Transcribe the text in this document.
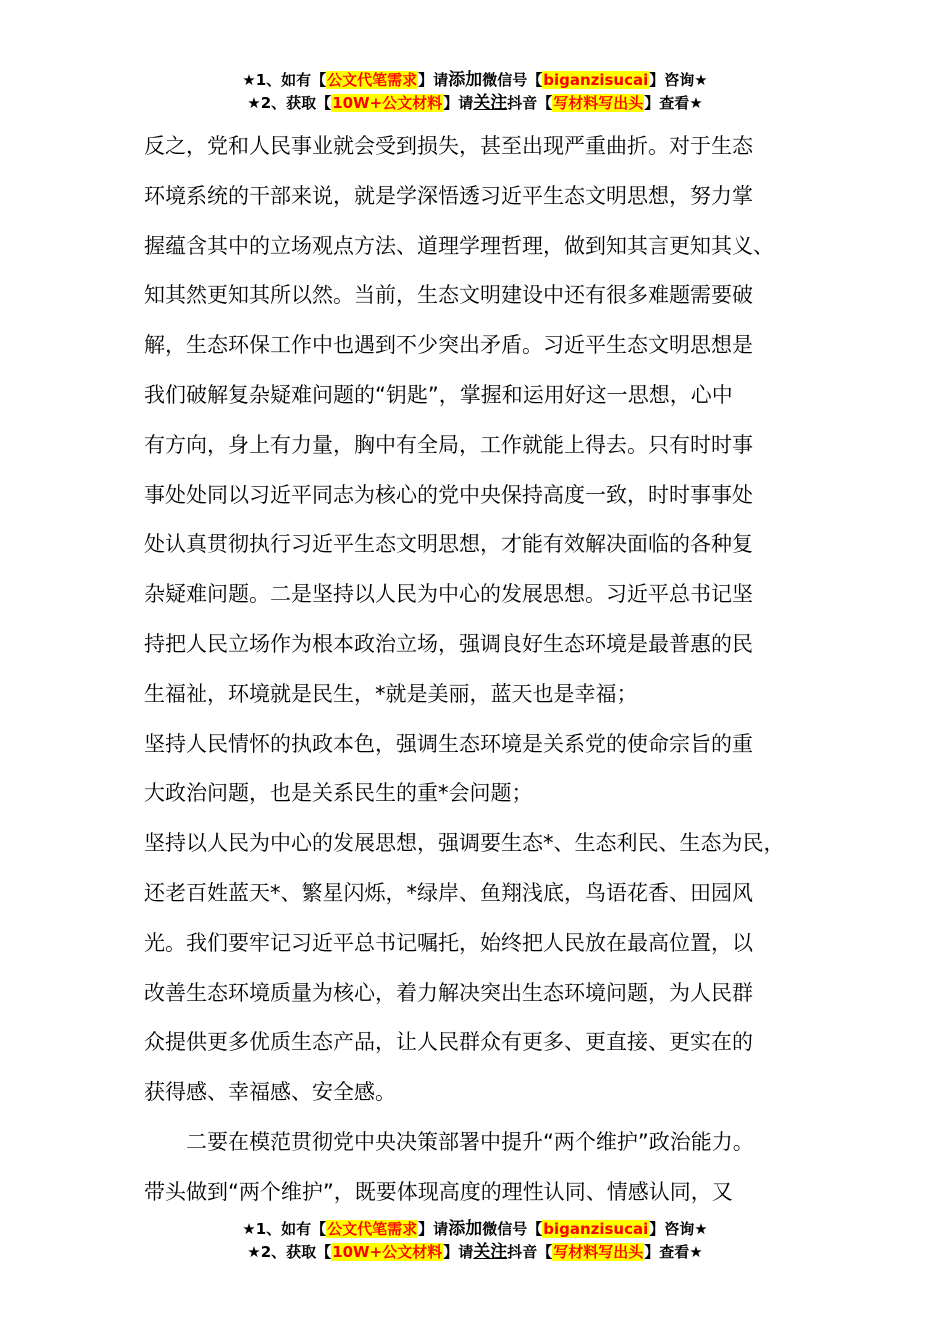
★1、如有【公文代笔需求】请添加微信号【biganzisucai】咨询★
★2、获取【10W+公文材料】请关注抖音【写材料写出头】查看★
反之，党和人民事业就会受到损失，甚至出现严重曲折。对于生态
环境系统的干部来说，就是学深悟透习近平生态文明思想，努力掌
握蕴含其中的立场观点方法、道理学理哲理，做到知其言更知其义、
知其然更知其所以然。当前，生态文明建设中还有很多难题需要破
解，生态环保工作中也遇到不少突出矛盾。习近平生态文明思想是
我们破解复杂疑难问题的“钥匙”，掌握和运用好这一思想，心中
有方向，身上有力量，胸中有全局，工作就能上得去。只有时时事
事处处同以习近平同志为核心的党中央保持高度一致，时时事事处
处认真贯彻执行习近平生态文明思想，才能有效解决面临的各种复
杂疑难问题。二是坚持以人民为中心的发展思想。习近平总书记坚
持把人民立场作为根本政治立场，强调良好生态环境是最普惠的民
生福祉，环境就是民生，*就是美丽，蓝天也是幸福；
坚持人民情怀的执政本色，强调生态环境是关系党的使命宗旨的重
大政治问题，也是关系民生的重*会问题；
坚持以人民为中心的发展思想，强调要生态*、生态利民、生态为民，
还老百姓蓝天*、繁星闪烁，*绿岸、鱼翔浅底，鸟语花香、田园风
光。我们要牢记习近平总书记嘱托，始终把人民放在最高位置，以
改善生态环境质量为核心，着力解决突出生态环境问题，为人民群
众提供更多优质生态产品，让人民群众有更多、更直接、更实在的
获得感、幸福感、安全感。
二要在模范贯彻党中央决策部署中提升“两个维护”政治能力。
带头做到“两个维护”，既要体现高度的理性认同、情感认同，又
★1、如有【公文代笔需求】请添加微信号【biganzisucai】咨询★
★2、获取【10W+公文材料】请关注抖音【写材料写出头】查看★
